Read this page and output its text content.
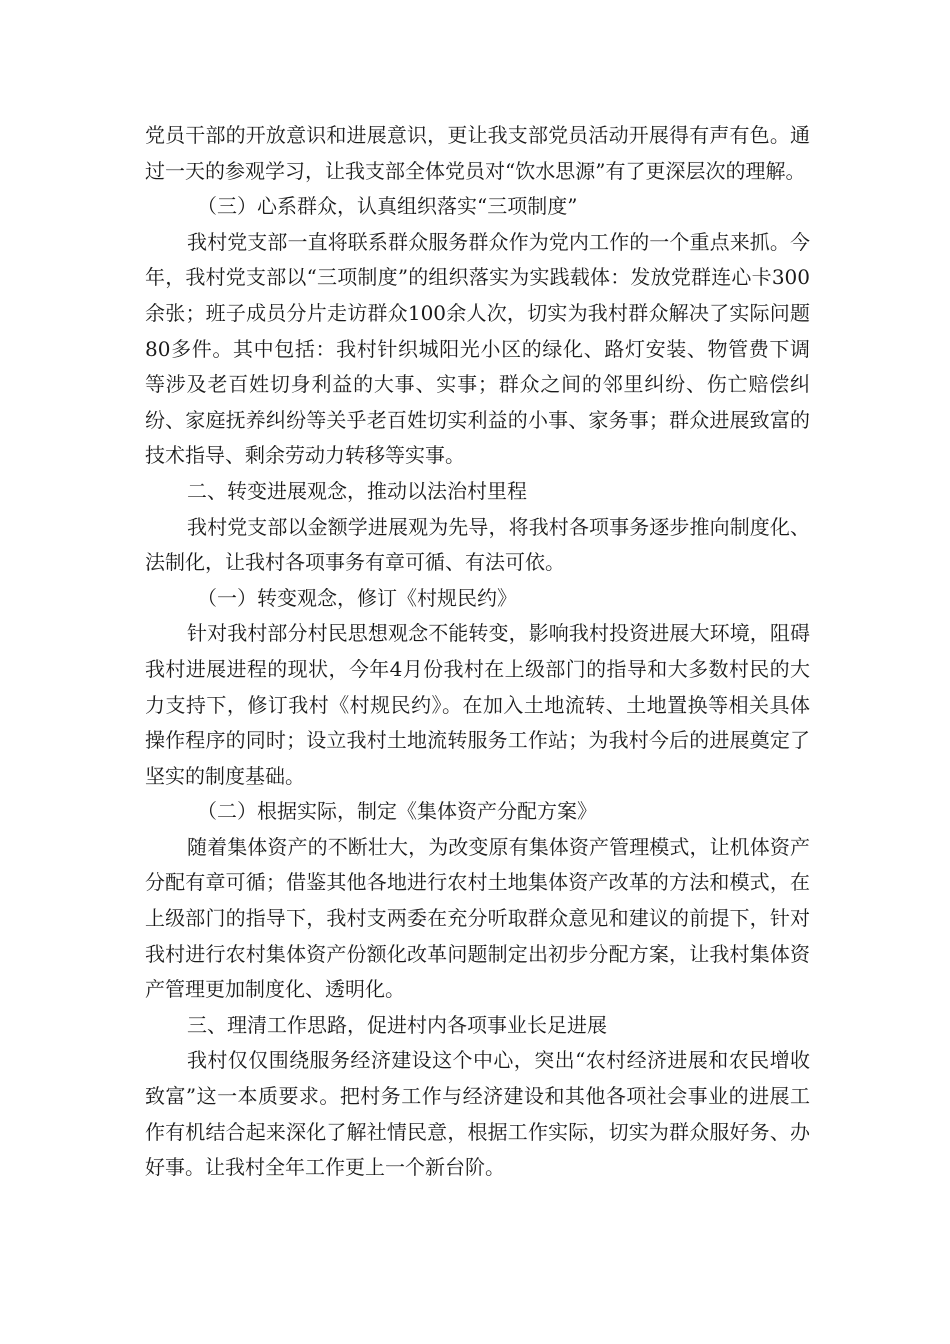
党员干部的开放意识和进展意识，更让我支部党员活动开展得有声有色。通过一天的参观学习，让我支部全体党员对“饮水思源”有了更深层次的理解。

（三）心系群众，认真组织落实“三项制度”

我村党支部一直将联系群众服务群众作为党内工作的一个重点来抓。今年，我村党支部以“三项制度”的组织落实为实践载体：发放党群连心卡300余张；班子成员分片走访群众100余人次，切实为我村群众解决了实际问题80多件。其中包括：我村针织城阳光小区的绿化、路灯安装、物管费下调等涉及老百姓切身利益的大事、实事；群众之间的邻里纠纷、伤亡赔偿纠纷、家庭抚养纠纷等关乎老百姓切实利益的小事、家务事；群众进展致富的技术指导、剩余劳动力转移等实事。

二、转变进展观念，推动以法治村里程

我村党支部以金额学进展观为先导，将我村各项事务逐步推向制度化、法制化，让我村各项事务有章可循、有法可依。

（一）转变观念，修订《村规民约》

针对我村部分村民思想观念不能转变，影响我村投资进展大环境，阻碍我村进展进程的现状，今年4月份我村在上级部门的指导和大多数村民的大力支持下，修订我村《村规民约》。在加入土地流转、土地置换等相关具体操作程序的同时；设立我村土地流转服务工作站；为我村今后的进展奠定了坚实的制度基础。

（二）根据实际，制定《集体资产分配方案》

随着集体资产的不断壮大，为改变原有集体资产管理模式，让机体资产分配有章可循；借鉴其他各地进行农村土地集体资产改革的方法和模式，在上级部门的指导下，我村支两委在充分听取群众意见和建议的前提下，针对我村进行农村集体资产份额化改革问题制定出初步分配方案，让我村集体资产管理更加制度化、透明化。

三、理清工作思路，促进村内各项事业长足进展

我村仅仅围绕服务经济建设这个中心，突出“农村经济进展和农民增收致富”这一本质要求。把村务工作与经济建设和其他各项社会事业的进展工作有机结合起来深化了解社情民意，根据工作实际，切实为群众服好务、办好事。让我村全年工作更上一个新台阶。
